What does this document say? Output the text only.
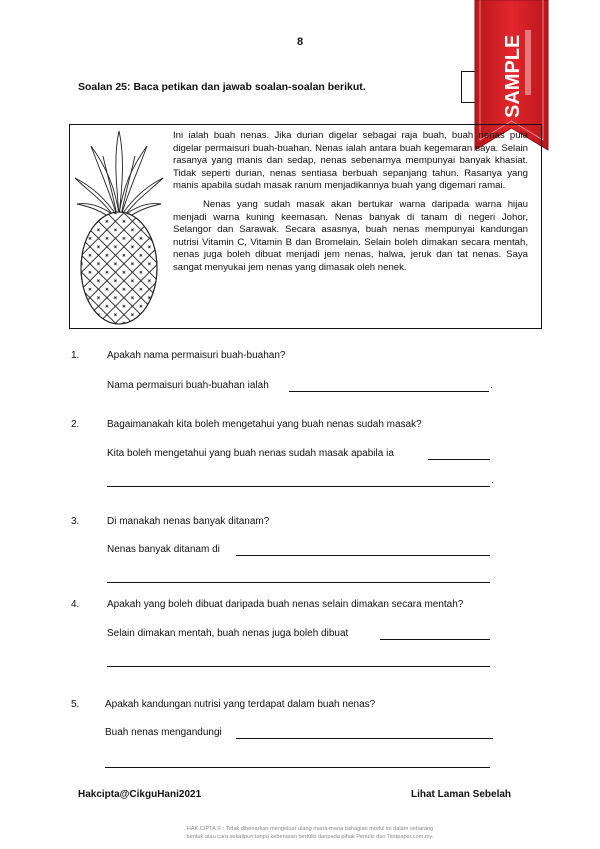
8
Soalan 25: Baca petikan dan jawab soalan-soalan berikut.	SAMPLE

Ini ialah buah nenas. Jika durian digelar sebagai raja buah, buah nenas pula digelar permaisuri buah-buahan. Nenas ialah antara buah kegemaran saya. Selain rasanya yang manis dan sedap, nenas sebenarnya mempunyai banyak khasiat. Tidak seperti durian, nenas sentiasa berbuah sepanjang tahun. Rasanya yang manis apabila sudah masak ranum menjadikannya buah yang digemari ramai.

Nenas yang sudah masak akan bertukar warna daripada warna hijau menjadi warna kuning keemasan. Nenas banyak di tanam di negeri Johor, Selangor dan Sarawak. Secara asasnya, buah nenas mempunyai kandungan nutrisi Vitamin C, Vitamin B dan Bromelain. Selain boleh dimakan secara mentah, nenas juga boleh dibuat menjadi jem nenas, halwa, jeruk dan tat nenas. Saya sangat menyukai jem nenas yang dimasak oleh nenek.

1.	Apakah nama permaisuri buah-buahan?
Nama permaisuri buah-buahan ialah	.
2.	Bagaimanakah kita boleh mengetahui yang buah nenas sudah masak?
Kita boleh mengetahui yang buah nenas sudah masak apabila ia
.
3.	Di manakah nenas banyak ditanam?
Nenas banyak ditanam di
4.	Apakah yang boleh dibuat daripada buah nenas selain dimakan secara mentah?
Selain dimakan mentah, buah nenas juga boleh dibuat
5.	Apakah kandungan nutrisi yang terdapat dalam buah nenas?
Buah nenas mengandungi
Hakcipta@CikguHani2021	Lihat Laman Sebelah
HAK CIPTA © : Tidak dibenarkan mengeluar ulang mana-mana bahagian modul ini dalam sebarang
bentuk atau cara sekalipun tanpa kebenaran bertulis daripada pihak Penulis dan Testpaper.com.my.
